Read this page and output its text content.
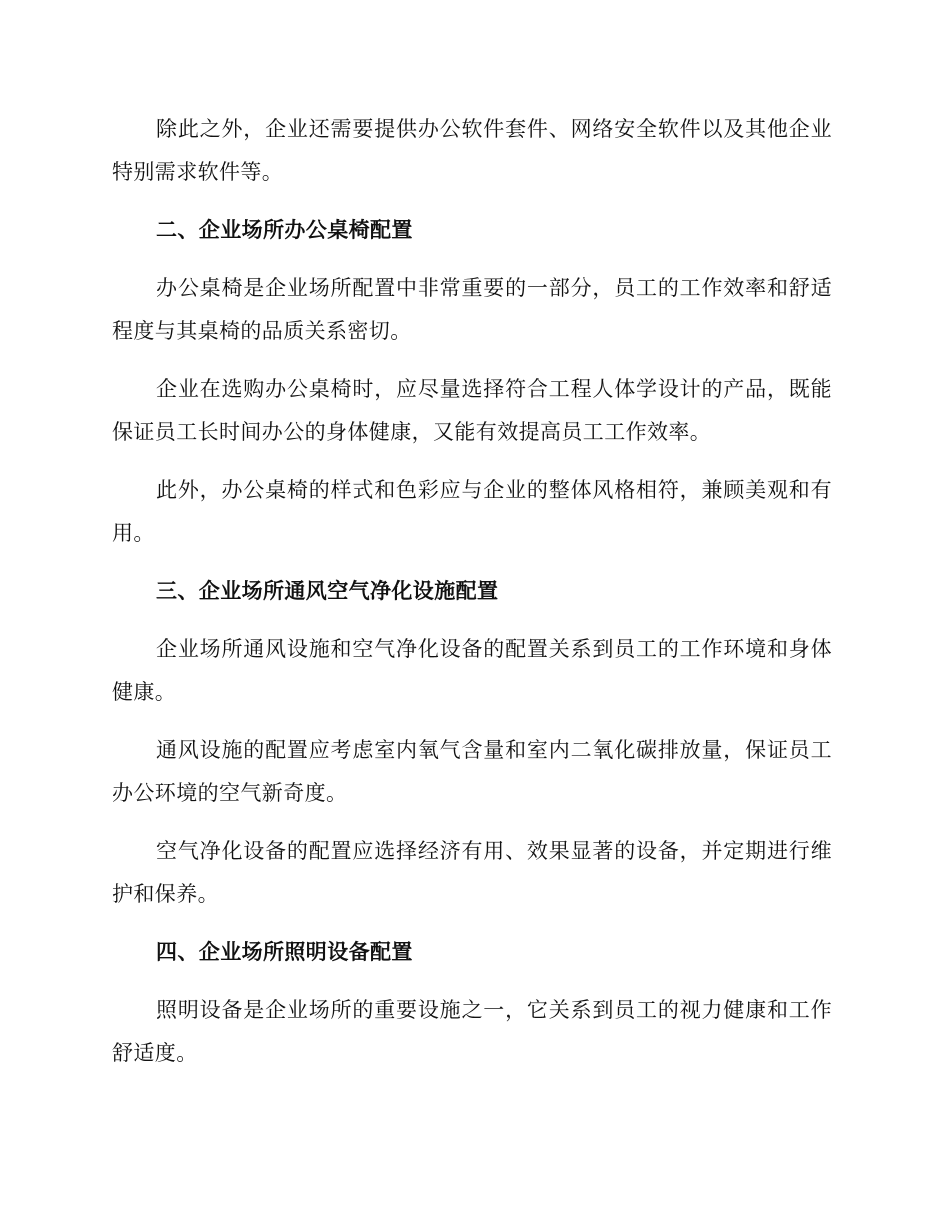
除此之外，企业还需要提供办公软件套件、网络安全软件以及其他企业特别需求软件等。

二、企业场所办公桌椅配置

办公桌椅是企业场所配置中非常重要的一部分，员工的工作效率和舒适程度与其桌椅的品质关系密切。

企业在选购办公桌椅时，应尽量选择符合工程人体学设计的产品，既能保证员工长时间办公的身体健康，又能有效提高员工工作效率。

此外，办公桌椅的样式和色彩应与企业的整体风格相符，兼顾美观和有用。

三、企业场所通风空气净化设施配置

企业场所通风设施和空气净化设备的配置关系到员工的工作环境和身体健康。

通风设施的配置应考虑室内氧气含量和室内二氧化碳排放量，保证员工办公环境的空气新奇度。

空气净化设备的配置应选择经济有用、效果显著的设备，并定期进行维护和保养。

四、企业场所照明设备配置

照明设备是企业场所的重要设施之一，它关系到员工的视力健康和工作舒适度。
